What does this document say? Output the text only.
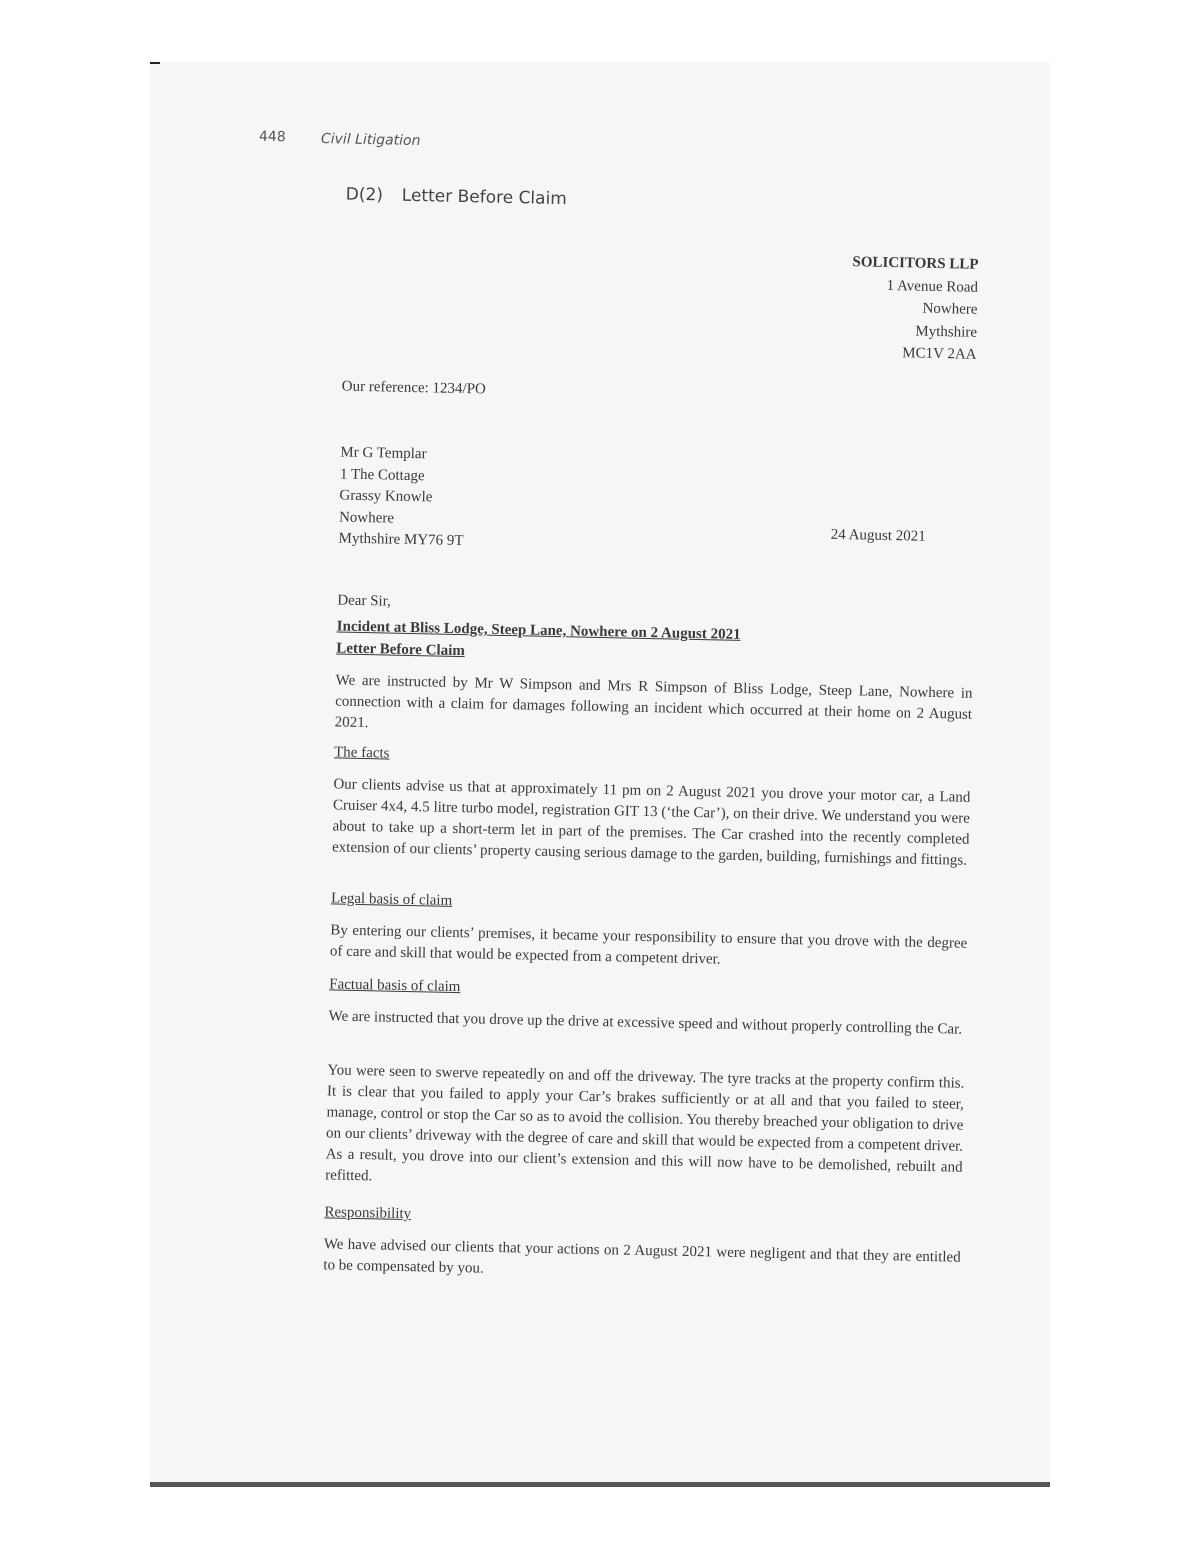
448 Civil Litigation
D(2) Letter Before Claim
SOLICITORS LLP
1 Avenue Road
Nowhere
Mythshire
MC1V 2AA
Our reference: 1234/PO
Mr G Templar
1 The Cottage
Grassy Knowle
Nowhere
Mythshire MY76 9T	24 August 2021
Dear Sir,
Incident at Bliss Lodge, Steep Lane, Nowhere on 2 August 2021
Letter Before Claim
We are instructed by Mr W Simpson and Mrs R Simpson of Bliss Lodge, Steep Lane, Nowhere in connection with a claim for damages following an incident which occurred at their home on 2 August 2021.
The facts
Our clients advise us that at approximately 11 pm on 2 August 2021 you drove your motor car, a Land Cruiser 4x4, 4.5 litre turbo model, registration GIT 13 (‘the Car’), on their drive. We understand you were about to take up a short-term let in part of the premises. The Car crashed into the recently completed extension of our clients’ property causing serious damage to the garden, building, furnishings and fittings.
Legal basis of claim
By entering our clients’ premises, it became your responsibility to ensure that you drove with the degree of care and skill that would be expected from a competent driver.
Factual basis of claim
We are instructed that you drove up the drive at excessive speed and without properly controlling the Car.
You were seen to swerve repeatedly on and off the driveway. The tyre tracks at the property confirm this. It is clear that you failed to apply your Car’s brakes sufficiently or at all and that you failed to steer, manage, control or stop the Car so as to avoid the collision. You thereby breached your obligation to drive on our clients’ driveway with the degree of care and skill that would be expected from a competent driver. As a result, you drove into our client’s extension and this will now have to be demolished, rebuilt and refitted.
Responsibility
We have advised our clients that your actions on 2 August 2021 were negligent and that they are entitled to be compensated by you.
